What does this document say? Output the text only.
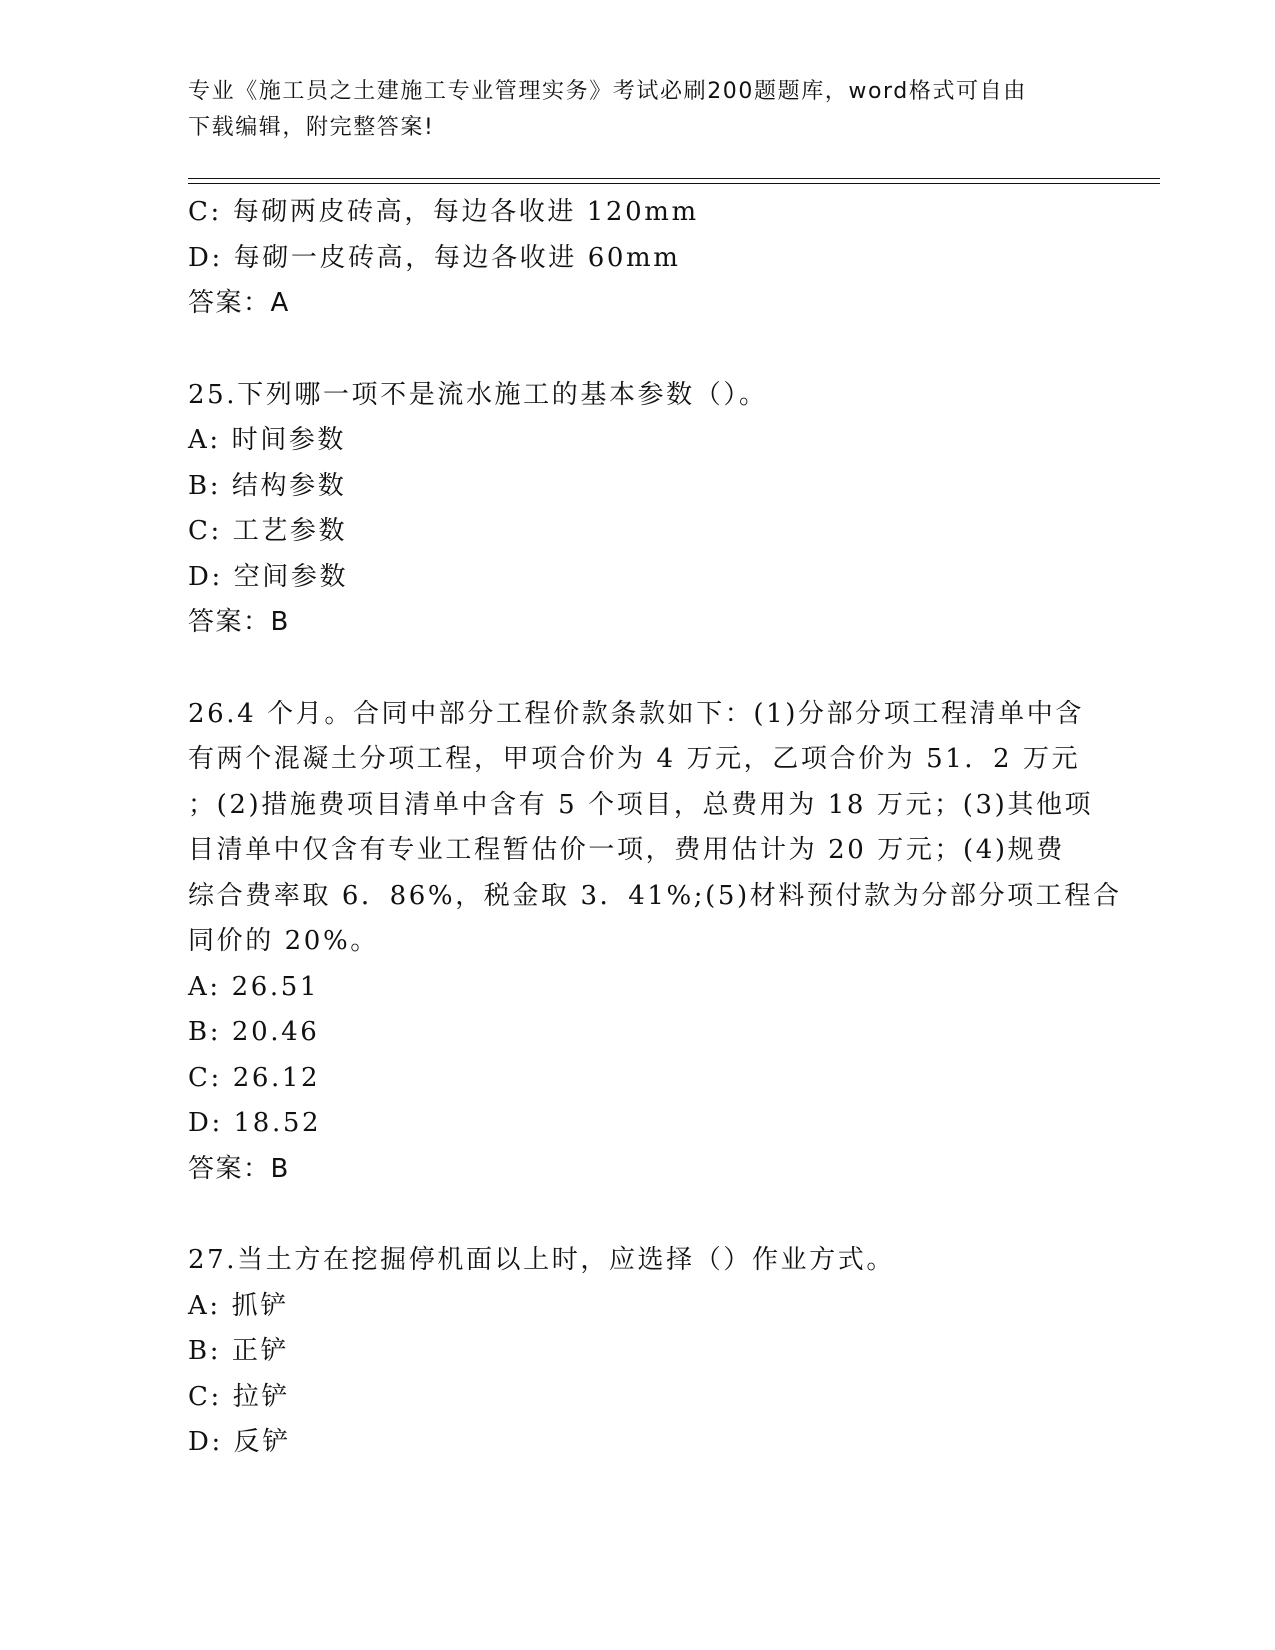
专业《施工员之土建施工专业管理实务》考试必刷200题题库，word格式可自由
下载编辑，附完整答案!
C: 每砌两皮砖高，每边各收进 120mm
D: 每砌一皮砖高，每边各收进 60mm
答案：A
25.下列哪一项不是流水施工的基本参数（）。
A: 时间参数
B: 结构参数
C: 工艺参数
D: 空间参数
答案：B
26.4 个月。合同中部分工程价款条款如下：(1)分部分项工程清单中含
有两个混凝土分项工程，甲项合价为 4 万元，乙项合价为 51．2 万元
；(2)措施费项目清单中含有 5 个项目，总费用为 18 万元；(3)其他项
目清单中仅含有专业工程暂估价一项，费用估计为 20 万元；(4)规费
综合费率取 6．86%，税金取 3．41%;(5)材料预付款为分部分项工程合
同价的 20%。
A: 26.51
B: 20.46
C: 26.12
D: 18.52
答案：B
27.当土方在挖掘停机面以上时，应选择（）作业方式。
A: 抓铲
B: 正铲
C: 拉铲
D: 反铲
